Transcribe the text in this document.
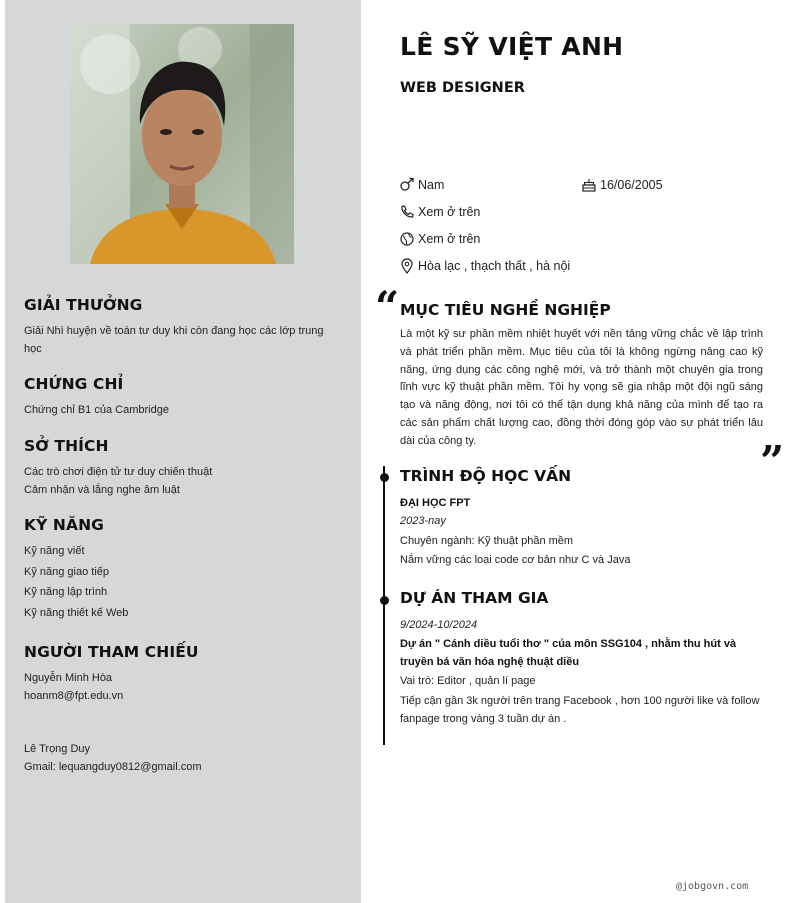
GIẢI THƯỞNG
Giải Nhì huyện về toán tư duy khi còn đang học các lớp trung học
CHỨNG CHỈ
Chứng chỉ B1 của Cambridge
SỞ THÍCH
Các trò chơi điện tử tư duy chiến thuật
Cảm nhận và lắng nghe âm luật
KỸ NĂNG
Kỹ năng viết
Kỹ năng giao tiếp
Kỹ năng lập trình
Kỹ năng thiết kế Web
NGƯỜI THAM CHIẾU
Nguyễn Minh Hòa
hoanm8@fpt.edu.vn
Lê Trọng Duy
Gmail: lequangduy0812@gmail.com
LÊ SỸ VIỆT ANH
WEB DESIGNER
Nam	16/06/2005
Xem ở trên
Xem ở trên
Hòa lạc , thạch thất , hà nội
“ MỤC TIÊU NGHỀ NGHIỆP
Là một kỹ sư phần mềm nhiệt huyết với nền tảng vững chắc về lập trình và phát triển phần mềm. Mục tiêu của tôi là không ngừng nâng cao kỹ năng, ứng dụng các công nghệ mới, và trở thành một chuyên gia trong lĩnh vực kỹ thuật phần mềm. Tôi hy vọng sẽ gia nhập một đội ngũ sáng tạo và năng động, nơi tôi có thể tận dụng khả năng của mình để tạo ra các sản phẩm chất lượng cao, đồng thời đóng góp vào sự phát triển lâu dài của công ty.	”
TRÌNH ĐỘ HỌC VẤN
ĐẠI HỌC FPT
2023-nay
Chuyên ngành: Kỹ thuật phần mềm
Nắm vững các loại code cơ bản như C và Java
DỰ ÁN THAM GIA
9/2024-10/2024
Dự án " Cánh diều tuổi thơ " của môn SSG104 , nhằm thu hút và truyền bá văn hóa nghệ thuật diều
Vai trò: Editor , quản lí page
Tiếp cận gần 3k người trên trang Facebook , hơn 100 người like và follow fanpage trong vàng 3 tuần dự án .
@jobgovn.com
